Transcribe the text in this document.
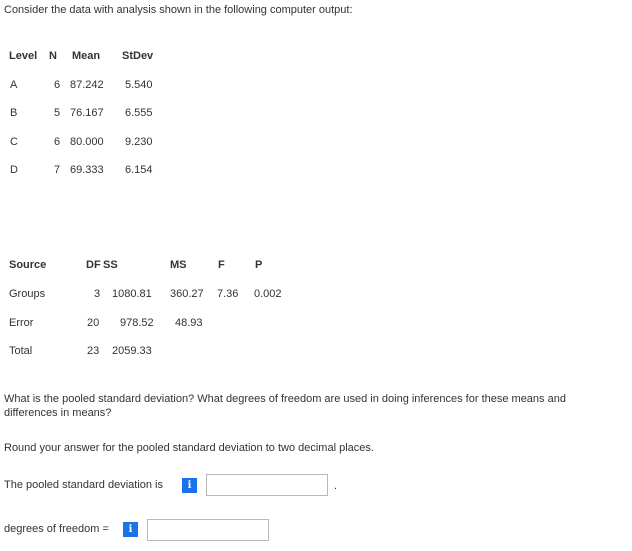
Consider the data with analysis shown in the following computer output:
Level N Mean StDev
A	6 87.242 5.540
B	5 76.167 6.555
C	6 80.000 9.230
D	7 69.333 6.154
Source	DF SS	MS	F	P
Groups	3 1080.81 360.27 7.36 0.002
Error	20 978.52 48.93
Total	23 2059.33
What is the pooled standard deviation? What degrees of freedom are used in doing inferences for these means and differences in means?
Round your answer for the pooled standard deviation to two decimal places.
The pooled standard deviation is	i	.
degrees of freedom =	i
